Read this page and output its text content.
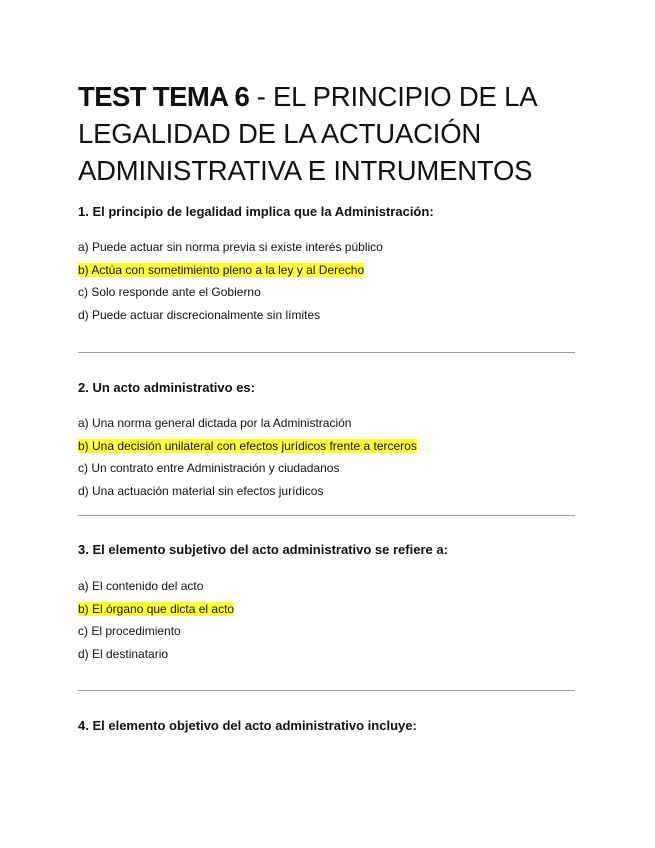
TEST TEMA 6 - EL PRINCIPIO DE LA LEGALIDAD DE LA ACTUACIÓN ADMINISTRATIVA E INTRUMENTOS

1. El principio de legalidad implica que la Administración:

a) Puede actuar sin norma previa si existe interés público
b) Actúa con sometimiento pleno a la ley y al Derecho
c) Solo responde ante el Gobierno
d) Puede actuar discrecionalmente sin límites

2. Un acto administrativo es:

a) Una norma general dictada por la Administración
b) Una decisión unilateral con efectos jurídicos frente a terceros
c) Un contrato entre Administración y ciudadanos
d) Una actuación material sin efectos jurídicos

3. El elemento subjetivo del acto administrativo se refiere a:

a) El contenido del acto
b) El órgano que dicta el acto
c) El procedimiento
d) El destinatario

4. El elemento objetivo del acto administrativo incluye:
